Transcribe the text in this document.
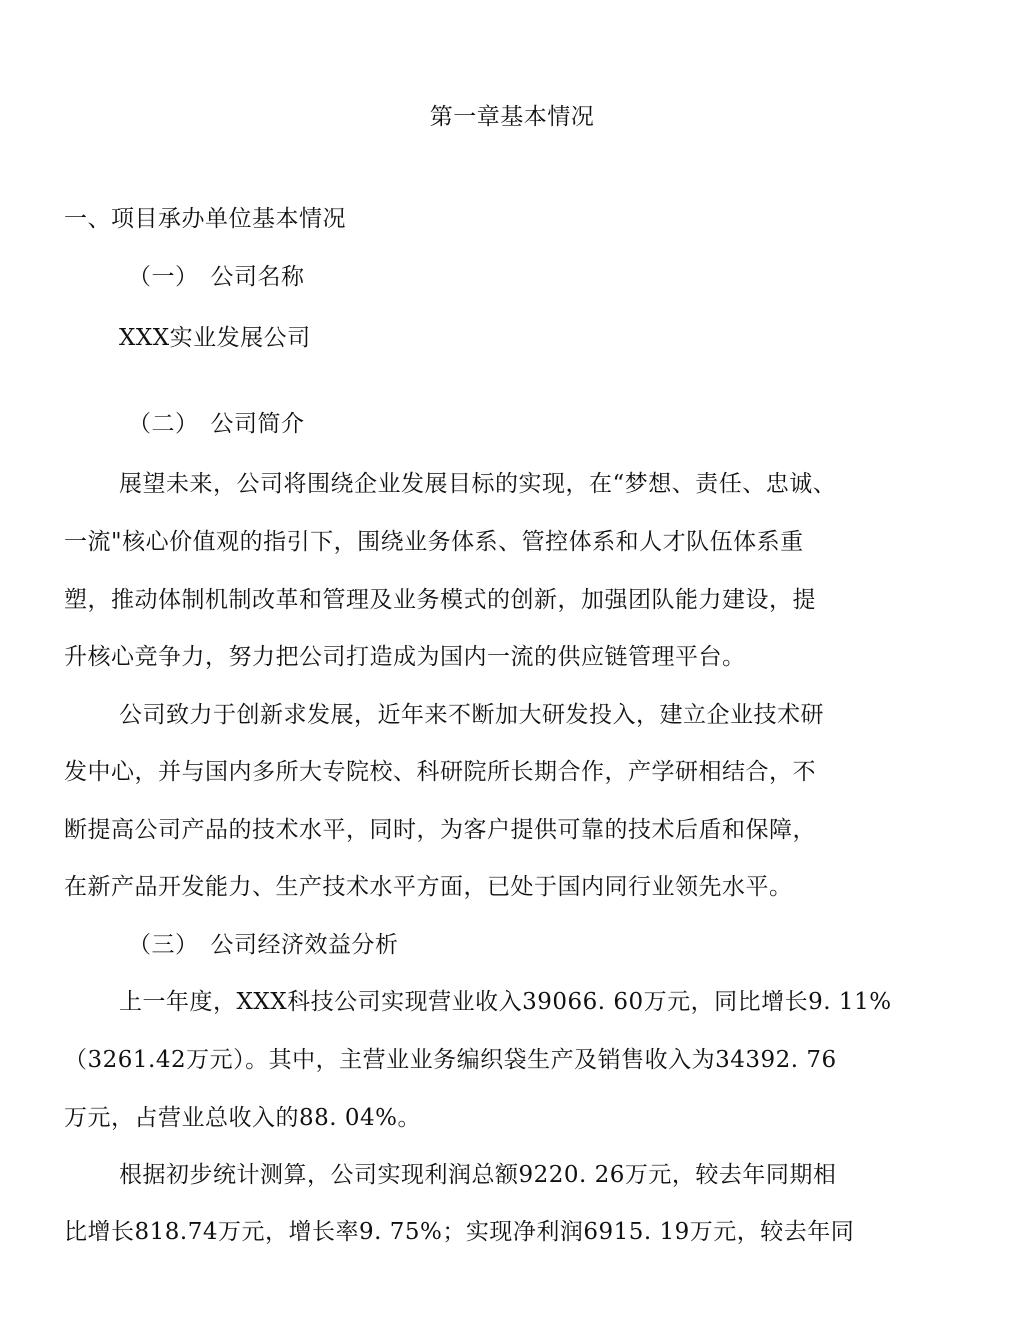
第一章基本情况
一、项目承办单位基本情况
（一）　公司名称
XXX实业发展公司
（二）　公司简介
展望未来，公司将围绕企业发展目标的实现，在“梦想、责任、忠诚、
一流"核心价值观的指引下，围绕业务体系、管控体系和人才队伍体系重
塑，推动体制机制改革和管理及业务模式的创新，加强团队能力建设，提
升核心竞争力，努力把公司打造成为国内一流的供应链管理平台。
公司致力于创新求发展，近年来不断加大研发投入，建立企业技术研
发中心，并与国内多所大专院校、科研院所长期合作，产学研相结合，不
断提高公司产品的技术水平，同时，为客户提供可靠的技术后盾和保障，
在新产品开发能力、生产技术水平方面，已处于国内同行业领先水平。
（三）　公司经济效益分析
上一年度，XXX科技公司实现营业收入39066. 60万元，同比增长9. 11%
（3261.42万元）。其中，主营业业务编织袋生产及销售收入为34392. 76
万元，占营业总收入的88. 04%。
根据初步统计测算，公司实现利润总额9220. 26万元，较去年同期相
比增长818.74万元，增长率9. 75%；实现净利润6915. 19万元，较去年同
